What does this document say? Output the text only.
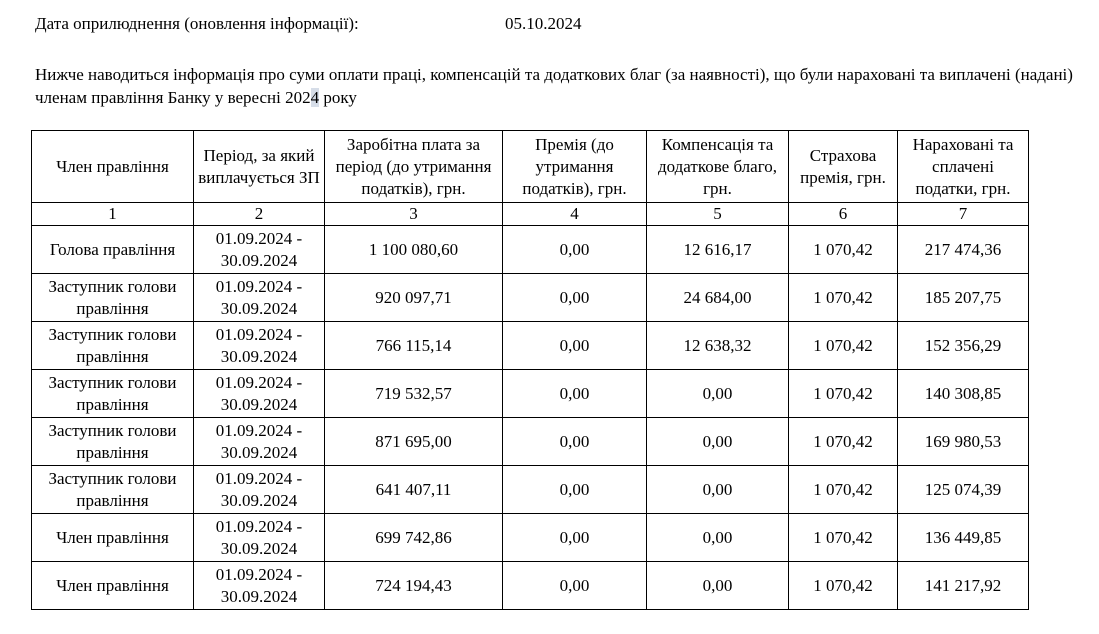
Дата оприлюднення (оновлення інформації):	05.10.2024
Нижче наводиться інформація про суми оплати праці, компенсацій та додаткових благ (за наявності), що були нараховані та виплачені (надані) членам правління Банку у вересні 2024 року
Член правління	Період, за який виплачується ЗП	Заробітна плата за період (до утримання податків), грн.	Премія (до утримання податків), грн.	Компенсація та додаткове благо, грн.	Страхова премія, грн.	Нараховані та сплачені податки, грн.
1	2	3	4	5	6	7
Голова правління	01.09.2024 - 30.09.2024	1 100 080,60	0,00	12 616,17	1 070,42	217 474,36
Заступник голови правління	01.09.2024 - 30.09.2024	920 097,71	0,00	24 684,00	1 070,42	185 207,75
Заступник голови правління	01.09.2024 - 30.09.2024	766 115,14	0,00	12 638,32	1 070,42	152 356,29
Заступник голови правління	01.09.2024 - 30.09.2024	719 532,57	0,00	0,00	1 070,42	140 308,85
Заступник голови правління	01.09.2024 - 30.09.2024	871 695,00	0,00	0,00	1 070,42	169 980,53
Заступник голови правління	01.09.2024 - 30.09.2024	641 407,11	0,00	0,00	1 070,42	125 074,39
Член правління	01.09.2024 - 30.09.2024	699 742,86	0,00	0,00	1 070,42	136 449,85
Член правління	01.09.2024 - 30.09.2024	724 194,43	0,00	0,00	1 070,42	141 217,92
